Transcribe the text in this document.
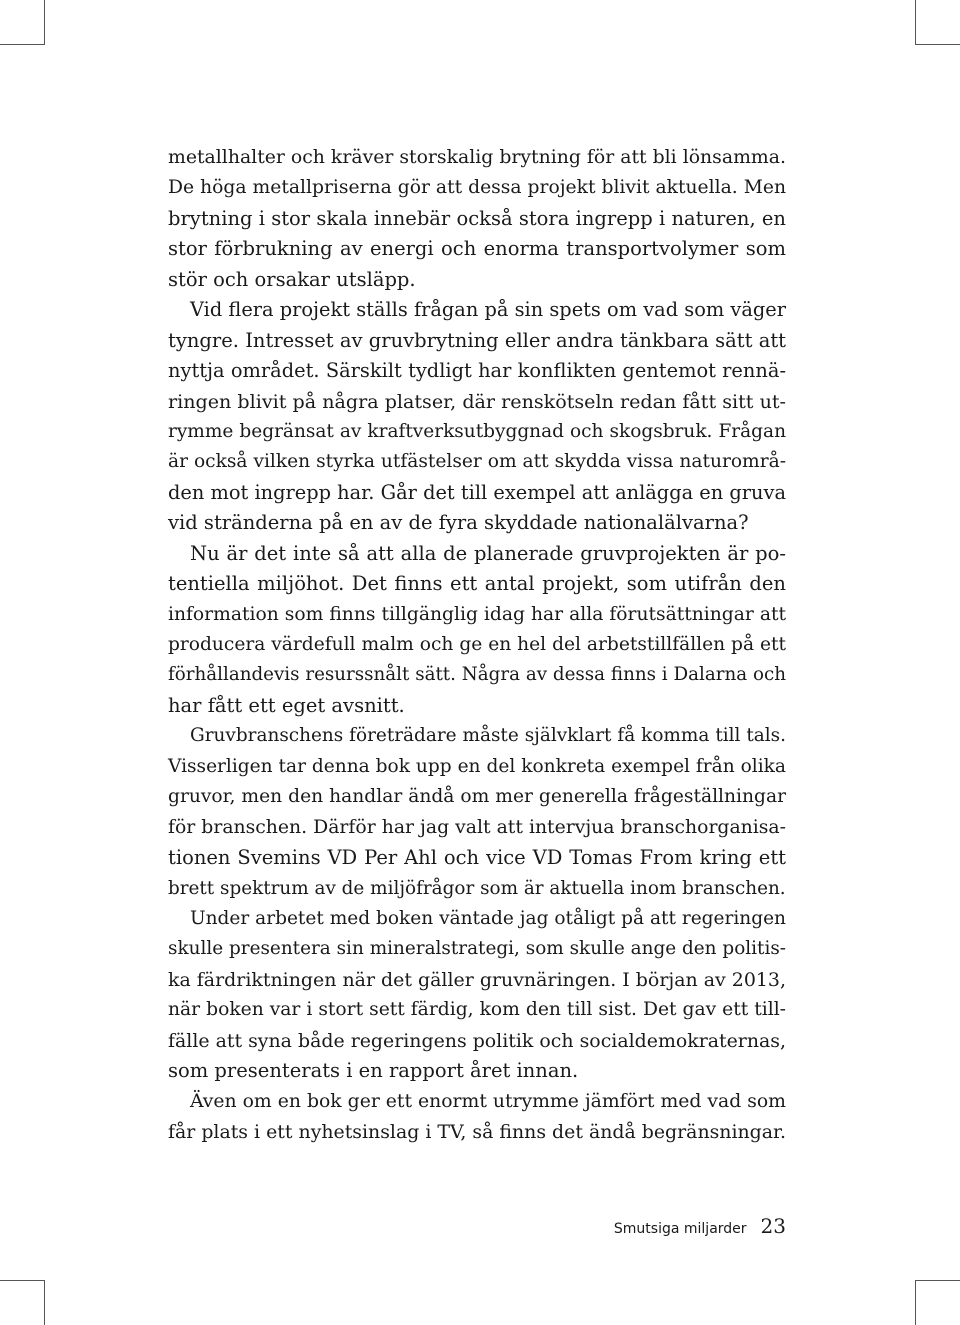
metallhalter och kräver storskalig brytning för att bli lönsamma.
De höga metallpriserna gör att dessa projekt blivit aktuella. Men
brytning i stor skala innebär också stora ingrepp i naturen, en
stor förbrukning av energi och enorma transportvolymer som
stör och orsakar utsläpp.
Vid flera projekt ställs frågan på sin spets om vad som väger
tyngre. Intresset av gruvbrytning eller andra tänkbara sätt att
nyttja området. Särskilt tydligt har konflikten gentemot rennä-
ringen blivit på några platser, där renskötseln redan fått sitt ut-
rymme begränsat av kraftverksutbyggnad och skogsbruk. Frågan
är också vilken styrka utfästelser om att skydda vissa naturområ-
den mot ingrepp har. Går det till exempel att anlägga en gruva
vid stränderna på en av de fyra skyddade nationalälvarna?
Nu är det inte så att alla de planerade gruvprojekten är po-
tentiella miljöhot. Det finns ett antal projekt, som utifrån den
information som finns tillgänglig idag har alla förutsättningar att
producera värdefull malm och ge en hel del arbetstillfällen på ett
förhållandevis resurssnålt sätt. Några av dessa finns i Dalarna och
har fått ett eget avsnitt.
Gruvbranschens företrädare måste självklart få komma till tals.
Visserligen tar denna bok upp en del konkreta exempel från olika
gruvor, men den handlar ändå om mer generella frågeställningar
för branschen. Därför har jag valt att intervjua branschorganisa-
tionen Svemins VD Per Ahl och vice VD Tomas From kring ett
brett spektrum av de miljöfrågor som är aktuella inom branschen.
Under arbetet med boken väntade jag otåligt på att regeringen
skulle presentera sin mineralstrategi, som skulle ange den politis-
ka färdriktningen när det gäller gruvnäringen. I början av 2013,
när boken var i stort sett färdig, kom den till sist. Det gav ett till-
fälle att syna både regeringens politik och socialdemokraternas,
som presenterats i en rapport året innan.
Även om en bok ger ett enormt utrymme jämfört med vad som
får plats i ett nyhetsinslag i TV, så finns det ändå begränsningar.
Smutsiga miljarder 23
